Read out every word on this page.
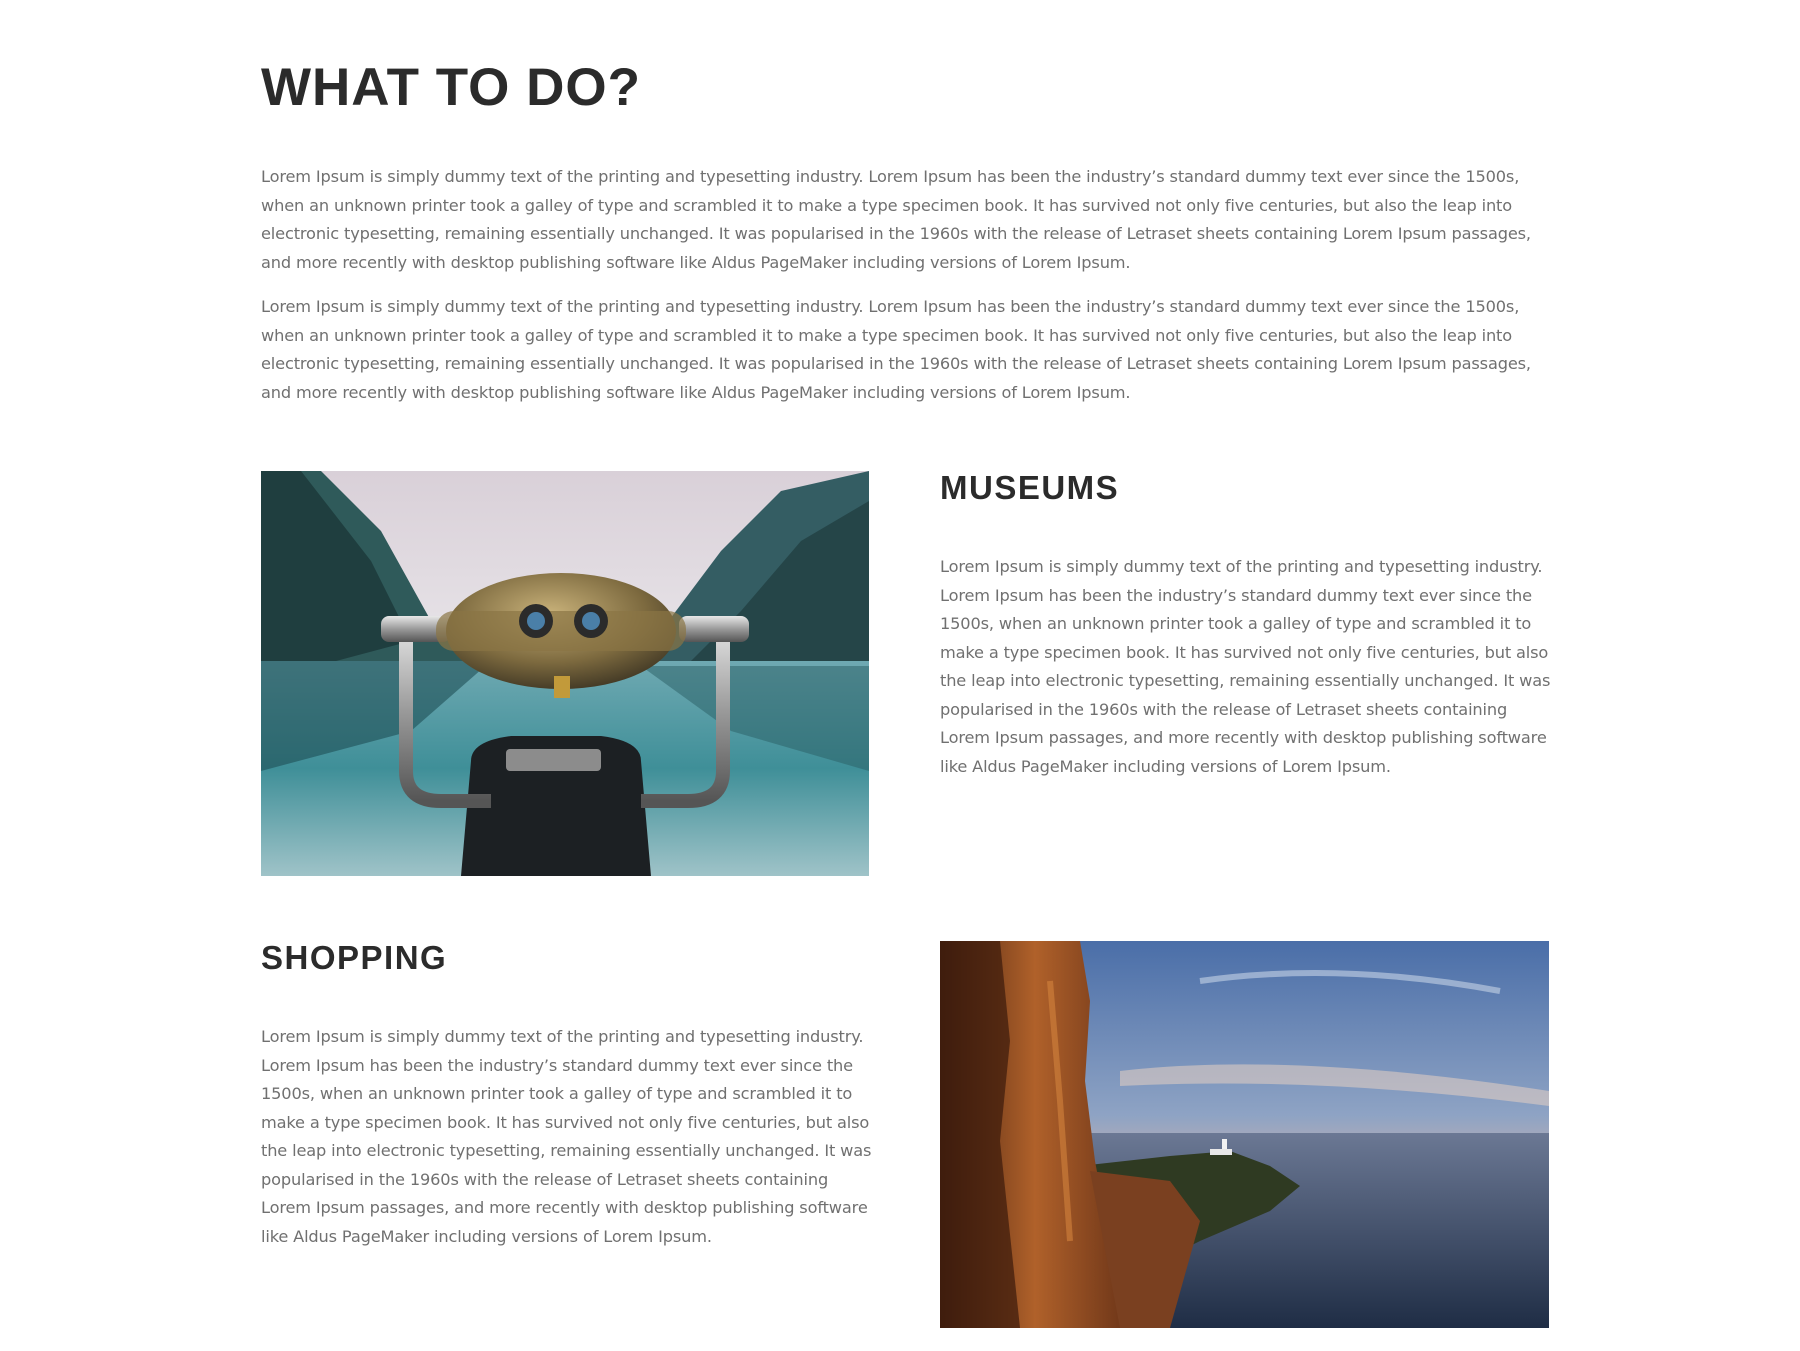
WHAT TO DO?

Lorem Ipsum is simply dummy text of the printing and typesetting industry. Lorem Ipsum has been the industry’s standard dummy text ever since the 1500s, when an unknown printer took a galley of type and scrambled it to make a type specimen book. It has survived not only five centuries, but also the leap into electronic typesetting, remaining essentially unchanged. It was popularised in the 1960s with the release of Letraset sheets containing Lorem Ipsum passages, and more recently with desktop publishing software like Aldus PageMaker including versions of Lorem Ipsum.

Lorem Ipsum is simply dummy text of the printing and typesetting industry. Lorem Ipsum has been the industry’s standard dummy text ever since the 1500s, when an unknown printer took a galley of type and scrambled it to make a type specimen book. It has survived not only five centuries, but also the leap into electronic typesetting, remaining essentially unchanged. It was popularised in the 1960s with the release of Letraset sheets containing Lorem Ipsum passages, and more recently with desktop publishing software like Aldus PageMaker including versions of Lorem Ipsum.

MUSEUMS

Lorem Ipsum is simply dummy text of the printing and typesetting industry. Lorem Ipsum has been the industry’s standard dummy text ever since the 1500s, when an unknown printer took a galley of type and scrambled it to make a type specimen book. It has survived not only five centuries, but also the leap into electronic typesetting, remaining essentially unchanged. It was popularised in the 1960s with the release of Letraset sheets containing Lorem Ipsum passages, and more recently with desktop publishing software like Aldus PageMaker including versions of Lorem Ipsum.

SHOPPING

Lorem Ipsum is simply dummy text of the printing and typesetting industry. Lorem Ipsum has been the industry’s standard dummy text ever since the 1500s, when an unknown printer took a galley of type and scrambled it to make a type specimen book. It has survived not only five centuries, but also the leap into electronic typesetting, remaining essentially unchanged. It was popularised in the 1960s with the release of Letraset sheets containing Lorem Ipsum passages, and more recently with desktop publishing software like Aldus PageMaker including versions of Lorem Ipsum.
